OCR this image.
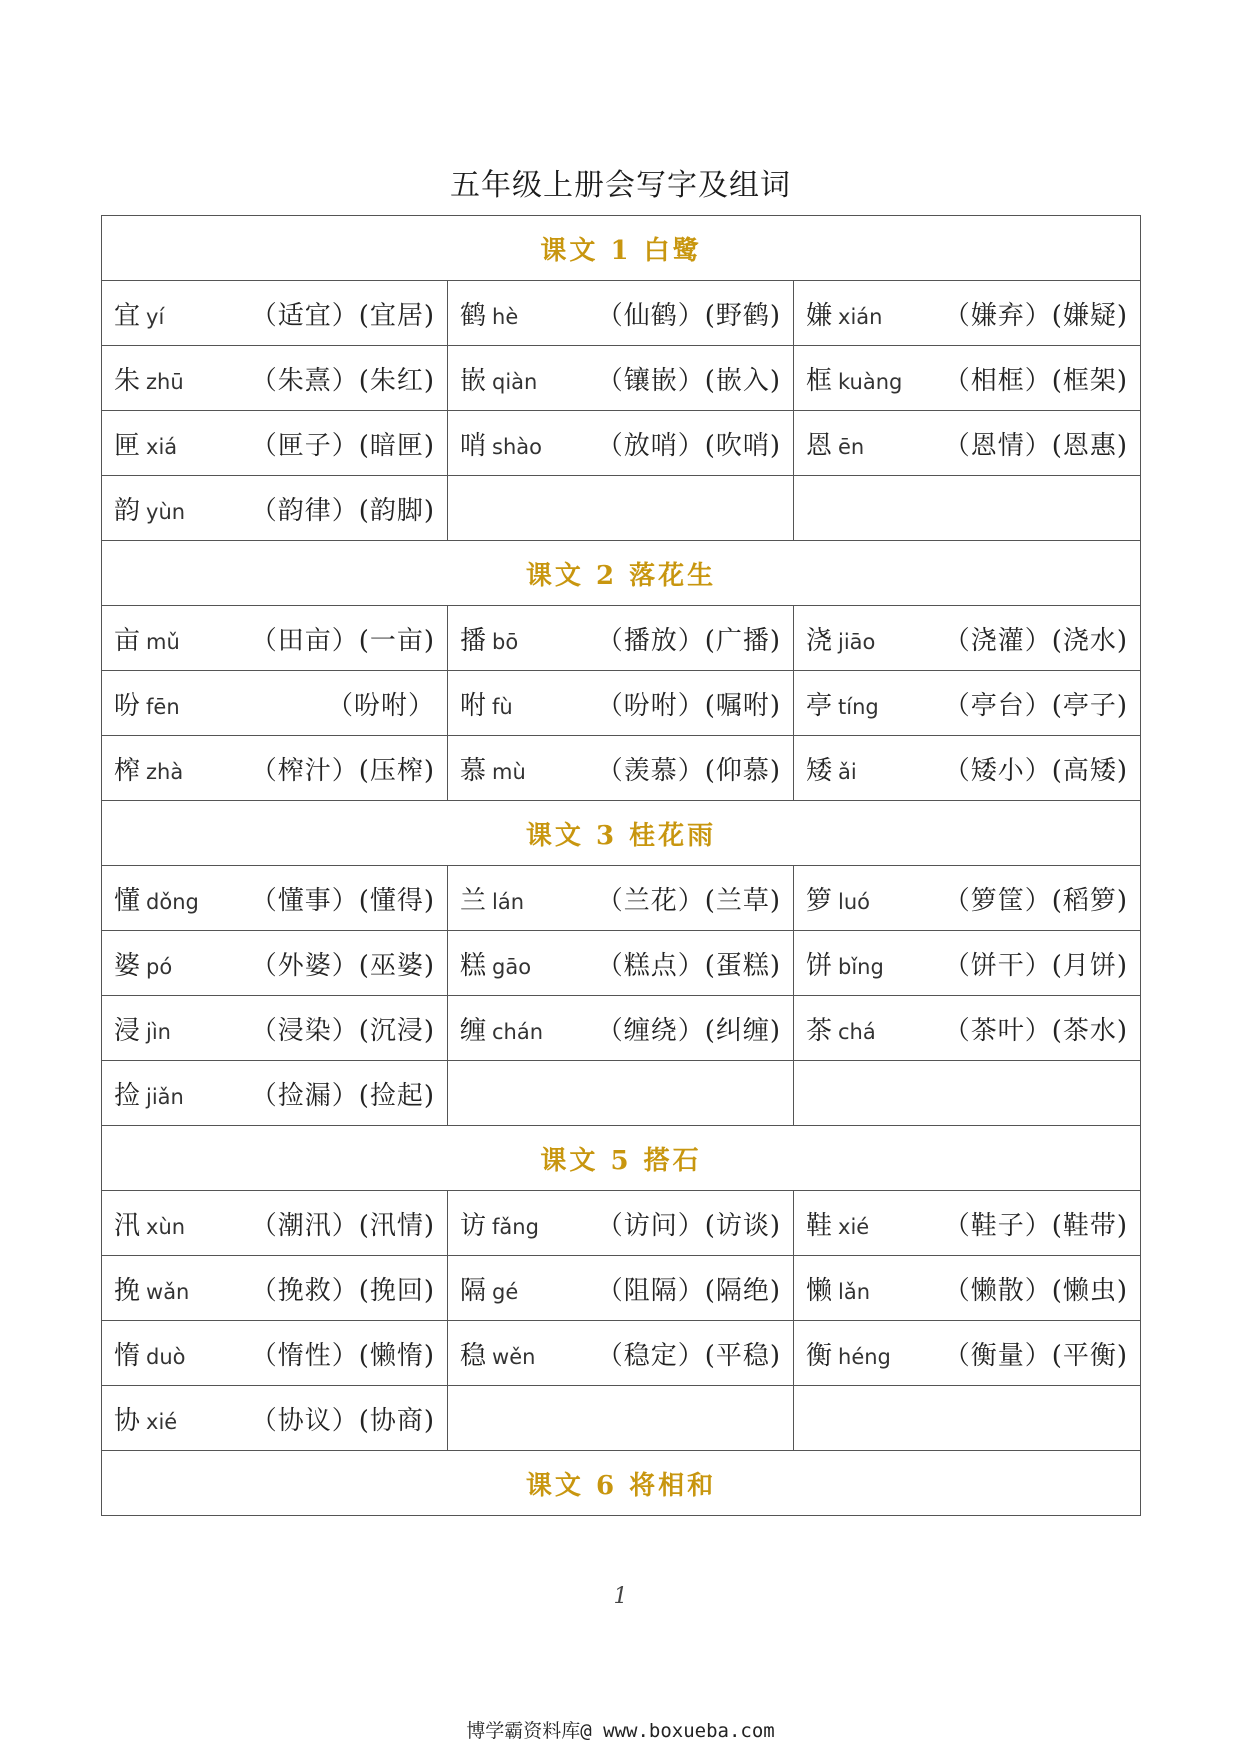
五年级上册会写字及组词
课文 1 白鹭		

宜 yí （适宜）(宜居)	鹤 hè （仙鹤）(野鹤)	嫌 xián （嫌弃）(嫌疑)

朱 zhū （朱熹）(朱红)	嵌 qiàn （镶嵌）(嵌入)	框 kuàng （相框）(框架)

匣 xiá （匣子）(暗匣)	哨 shào （放哨）(吹哨)	恩 ēn （恩情）(恩惠)

韵 yùn （韵律）(韵脚)		

课文 2 落花生		

亩 mǔ （田亩）(一亩)	播 bō （播放）(广播)	浇 jiāo （浇灌）(浇水)

吩 fēn （吩咐）	咐 fù （吩咐）(嘱咐)	亭 tíng （亭台）(亭子)

榨 zhà （榨汁）(压榨)	慕 mù （羡慕）(仰慕)	矮 ǎi （矮小）(高矮)

课文 3 桂花雨		

懂 dǒng （懂事）(懂得)	兰 lán （兰花）(兰草)	箩 luó （箩筐）(稻箩)

婆 pó （外婆）(巫婆)	糕 gāo （糕点）(蛋糕)	饼 bǐng （饼干）(月饼)

浸 jìn （浸染）(沉浸)	缠 chán （缠绕）(纠缠)	茶 chá （茶叶）(茶水)

捡 jiǎn （捡漏）(捡起)		

课文 5 搭石		

汛 xùn （潮汛）(汛情)	访 fǎng （访问）(访谈)	鞋 xié （鞋子）(鞋带)

挽 wǎn （挽救）(挽回)	隔 gé （阻隔）(隔绝)	懒 lǎn （懒散）(懒虫)

惰 duò （惰性）(懒惰)	稳 wěn （稳定）(平稳)	衡 héng （衡量）(平衡)

协 xié （协议）(协商)		

课文 6 将相和		
1
博学霸资料库@ www.boxueba.com
